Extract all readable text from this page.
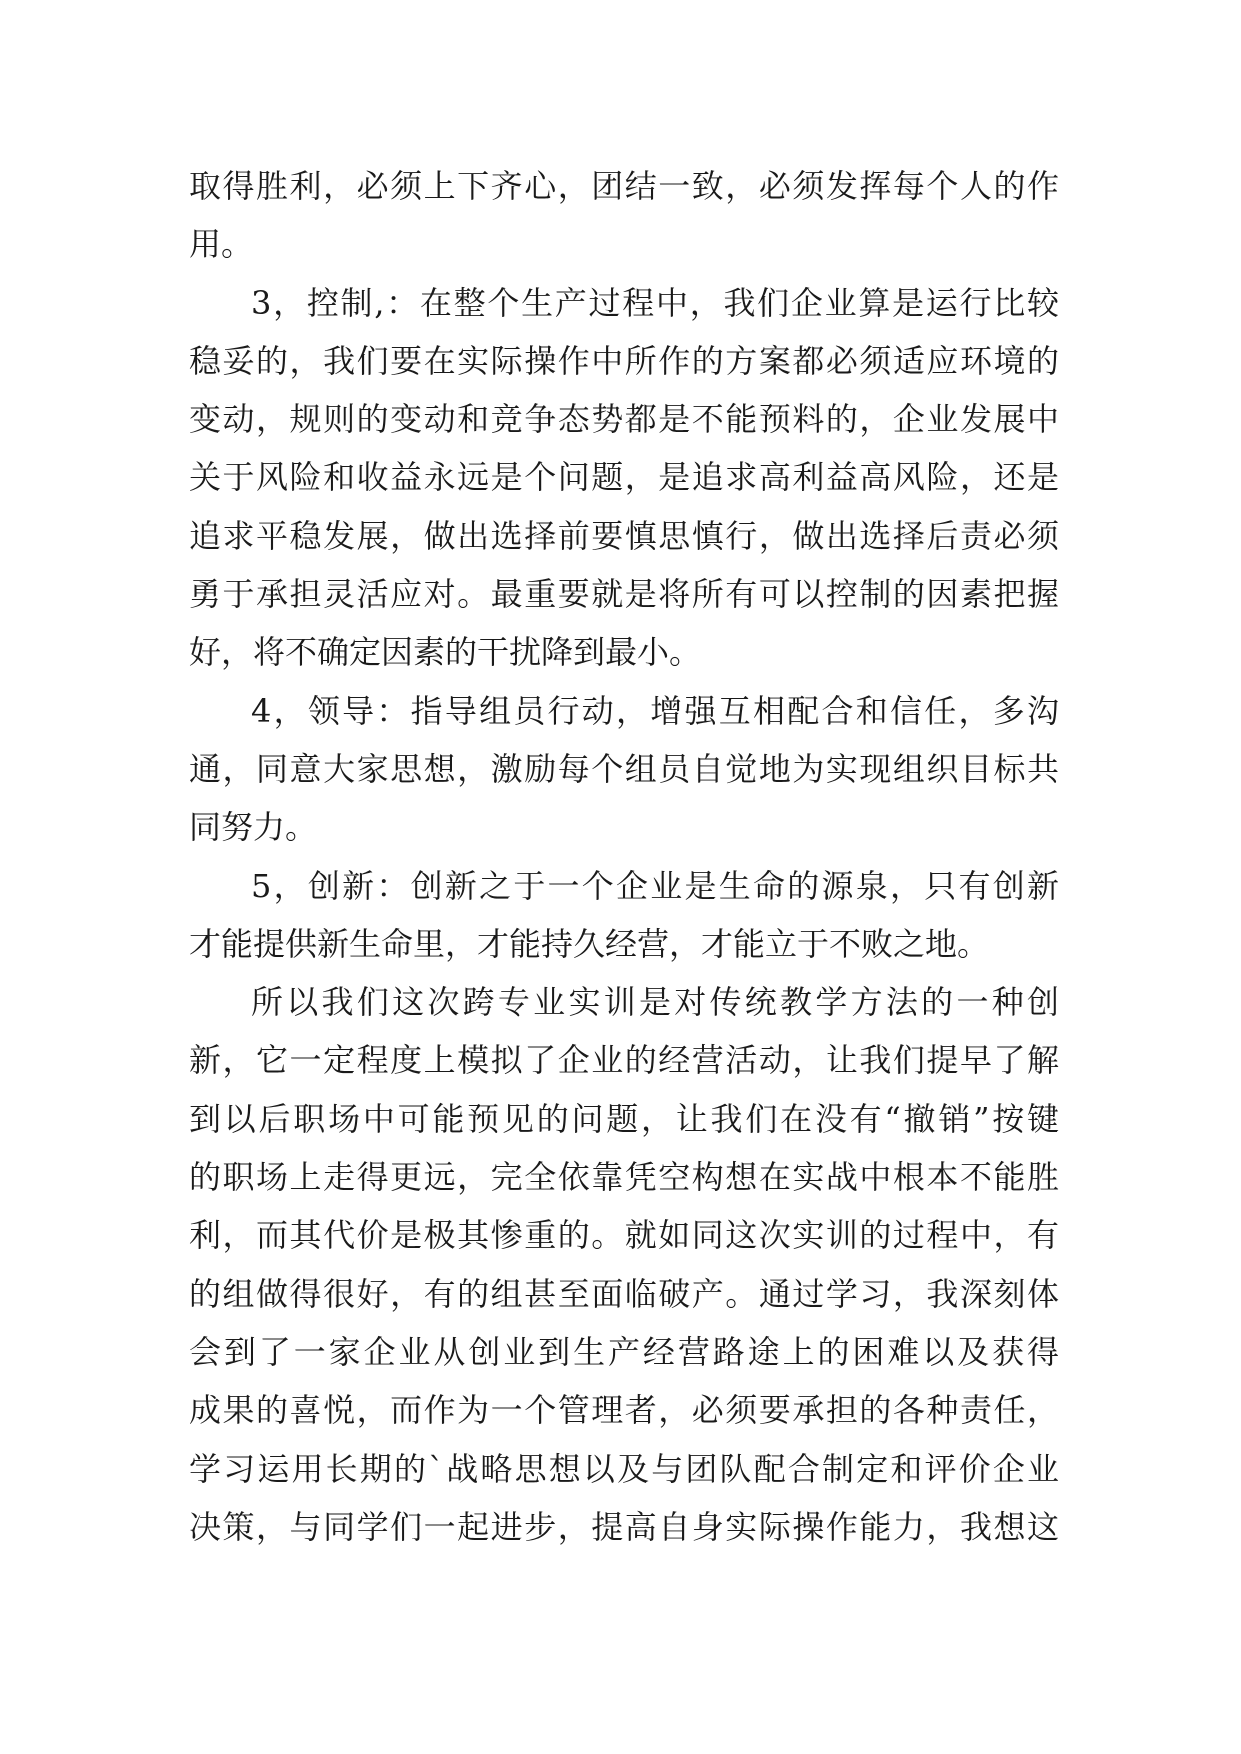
取得胜利，必须上下齐心，团结一致，必须发挥每个人的作
用。
3，控制,：在整个生产过程中，我们企业算是运行比较
稳妥的，我们要在实际操作中所作的方案都必须适应环境的
变动，规则的变动和竞争态势都是不能预料的，企业发展中
关于风险和收益永远是个问题，是追求高利益高风险，还是
追求平稳发展，做出选择前要慎思慎行，做出选择后责必须
勇于承担灵活应对。最重要就是将所有可以控制的因素把握
好，将不确定因素的干扰降到最小。
4，领导：指导组员行动，增强互相配合和信任，多沟
通，同意大家思想，激励每个组员自觉地为实现组织目标共
同努力。
5，创新：创新之于一个企业是生命的源泉，只有创新
才能提供新生命里，才能持久经营，才能立于不败之地。
所以我们这次跨专业实训是对传统教学方法的一种创
新，它一定程度上模拟了企业的经营活动，让我们提早了解
到以后职场中可能预见的问题，让我们在没有“撤销”按键
的职场上走得更远，完全依靠凭空构想在实战中根本不能胜
利，而其代价是极其惨重的。就如同这次实训的过程中，有
的组做得很好，有的组甚至面临破产。通过学习，我深刻体
会到了一家企业从创业到生产经营路途上的困难以及获得
成果的喜悦，而作为一个管理者，必须要承担的各种责任，
学习运用长期的`战略思想以及与团队配合制定和评价企业
决策，与同学们一起进步，提高自身实际操作能力，我想这
